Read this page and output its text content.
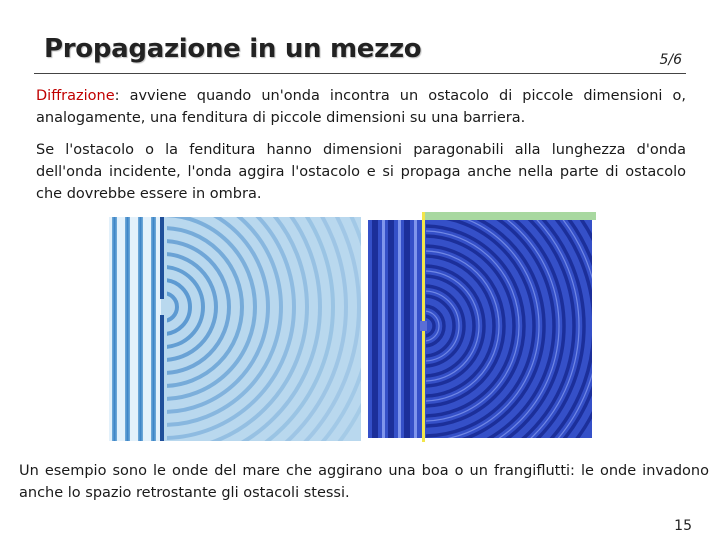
Propagazione in un mezzo	5/6
Diffrazione: avviene quando un'onda incontra un ostacolo di piccole dimensioni o, analogamente, una fenditura di piccole dimensioni su una barriera.
Se l'ostacolo o la fenditura hanno dimensioni paragonabili alla lunghezza d'onda dell'onda incidente, l'onda aggira l'ostacolo e si propaga anche nella parte di ostacolo che dovrebbe essere in ombra.
Un esempio sono le onde del mare che aggirano una boa o un frangiflutti: le onde invadono anche lo spazio retrostante gli ostacoli stessi.
15
